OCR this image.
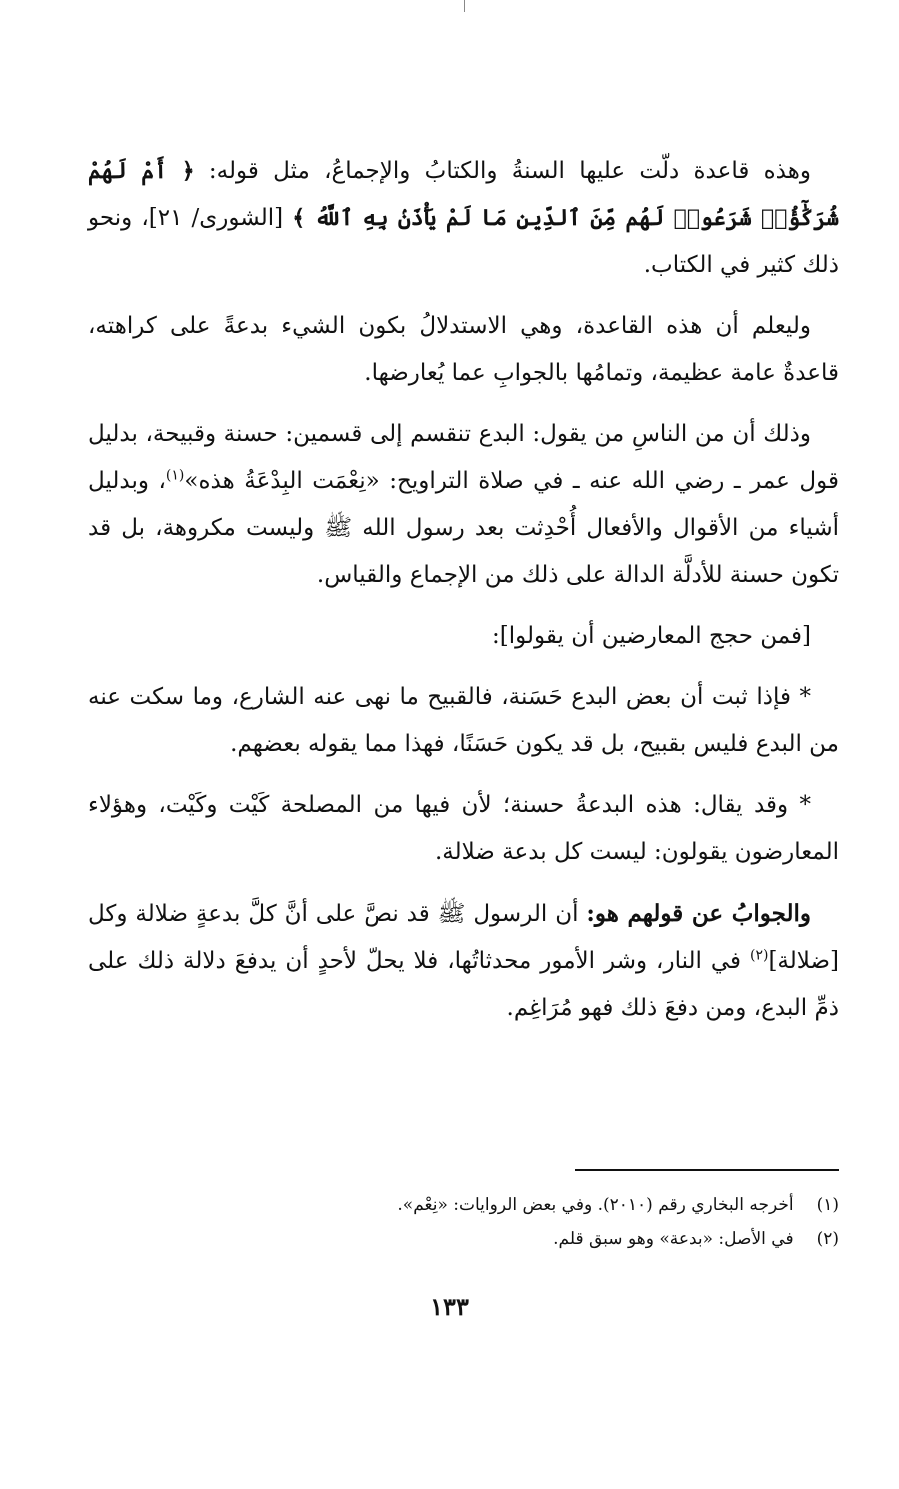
وهذه قاعدة دلّت عليها السنةُ والكتابُ والإجماعُ، مثل قوله: ﴿ أَمْ لَهُمْ شُرَكَٰٓؤُا۟ شَرَعُوا۟ لَهُم مِّنَ ٱلدِّينِ مَا لَمْ يَأْذَنۢ بِهِ ٱللَّهُ ﴾ [الشورى/ ٢١]، ونحو ذلك كثير في الكتاب.

وليعلم أن هذه القاعدة، وهي الاستدلالُ بكون الشيء بدعةً على كراهته، قاعدةٌ عامة عظيمة، وتمامُها بالجوابِ عما يُعارضها.

وذلك أن من الناسِ من يقول: البدع تنقسم إلى قسمين: حسنة وقبيحة، بدليل قول عمر ـ رضي الله عنه ـ في صلاة التراويح: «نِعْمَت البِدْعَةُ هذه»$^{(١)}$، وبدليل أشياء من الأقوال والأفعال أُحْدِثت بعد رسول الله ﷺ وليست مكروهة، بل قد تكون حسنة للأدلَّة الدالة على ذلك من الإجماع والقياس.

[فمن حجج المعارضين أن يقولوا]:

* فإذا ثبت أن بعض البدع حَسَنة، فالقبيح ما نهى عنه الشارع، وما سكت عنه من البدع فليس بقبيح، بل قد يكون حَسَنًا، فهذا مما يقوله بعضهم.

* وقد يقال: هذه البدعةُ حسنة؛ لأن فيها من المصلحة كَيْت وكَيْت، وهؤلاء المعارضون يقولون: ليست كل بدعة ضلالة.

والجوابُ عن قولهم هو: أن الرسول ﷺ قد نصَّ على أنَّ كلَّ بدعةٍ ضلالة وكل [ضلالة]$^{(٢)}$ في النار، وشر الأمور محدثاتُها، فلا يحلّ لأحدٍ أن يدفعَ دلالة ذلك على ذمِّ البدع، ومن دفعَ ذلك فهو مُرَاغِم.

(١) أخرجه البخاري رقم (٢٠١٠). وفي بعض الروايات: «نِعْم».

(٢) في الأصل: «بدعة» وهو سبق قلم.

١٣٣
